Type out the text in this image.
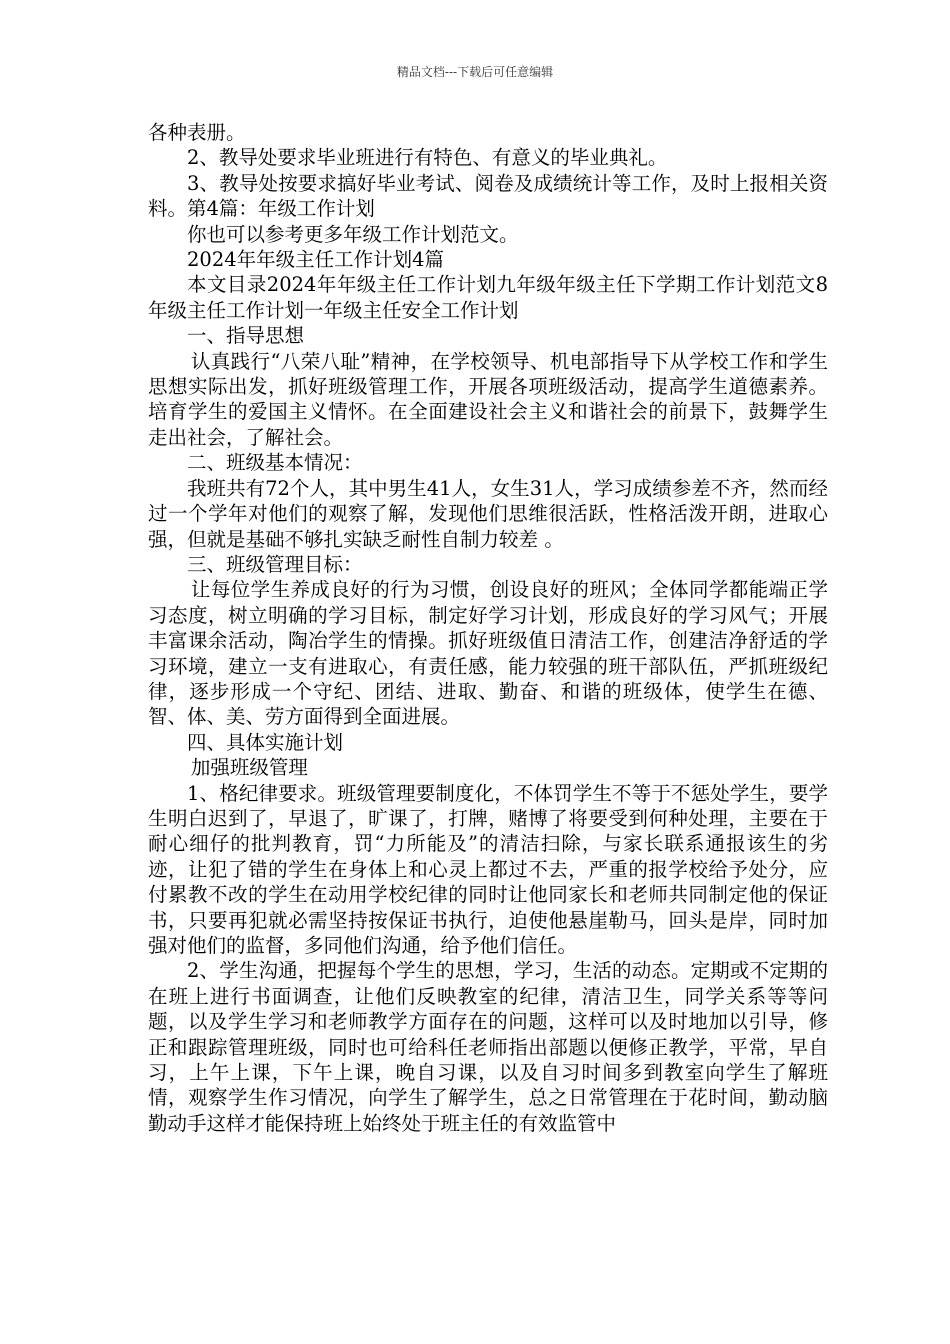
精品文档---下载后可任意编辑

各种表册。

2、教导处要求毕业班进行有特色、有意义的毕业典礼。

3、教导处按要求搞好毕业考试、阅卷及成绩统计等工作，及时上报相关资料。第4篇：年级工作计划

你也可以参考更多年级工作计划范文。

2024年年级主任工作计划4篇

本文目录2024年年级主任工作计划九年级年级主任下学期工作计划范文8年级主任工作计划一年级主任安全工作计划

一、指导思想

认真践行“八荣八耻”精神，在学校领导、机电部指导下从学校工作和学生思想实际出发，抓好班级管理工作，开展各项班级活动，提高学生道德素养。 培育学生的爱国主义情怀。在全面建设社会主义和谐社会的前景下，鼓舞学生走出社会，了解社会。

二、班级基本情况：

我班共有72个人，其中男生41人，女生31人，学习成绩参差不齐，然而经过一个学年对他们的观察了解，发现他们思维很活跃，性格活泼开朗，进取心强，但就是基础不够扎实缺乏耐性自制力较差 。

三、班级管理目标：

让每位学生养成良好的行为习惯，创设良好的班风；全体同学都能端正学习态度，树立明确的学习目标，制定好学习计划，形成良好的学习风气；开展丰富课余活动，陶冶学生的情操。抓好班级值日清洁工作，创建洁净舒适的学习环境，建立一支有进取心，有责任感，能力较强的班干部队伍，严抓班级纪律，逐步形成一个守纪、团结、进取、勤奋、和谐的班级体，使学生在德、智、体、美、劳方面得到全面进展。

四、具体实施计划

加强班级管理

1、格纪律要求。班级管理要制度化，不体罚学生不等于不惩处学生，要学生明白迟到了，早退了，旷课了，打牌，赌博了将要受到何种处理，主要在于耐心细仔的批判教育，罚“力所能及”的清洁扫除，与家长联系通报该生的劣迹，让犯了错的学生在身体上和心灵上都过不去，严重的报学校给予处分，应付累教不改的学生在动用学校纪律的同时让他同家长和老师共同制定他的保证书，只要再犯就必需坚持按保证书执行，迫使他悬崖勒马，回头是岸，同时加强对他们的监督，多同他们沟通，给予他们信任。

2、学生沟通，把握每个学生的思想，学习，生活的动态。定期或不定期的在班上进行书面调查，让他们反映教室的纪律，清洁卫生，同学关系等等问题，以及学生学习和老师教学方面存在的问题，这样可以及时地加以引导，修正和跟踪管理班级，同时也可给科任老师指出部题以便修正教学，平常，早自习，上午上课，下午上课，晚自习课，以及自习时间多到教室向学生了解班情，观察学生作习情况，向学生了解学生，总之日常管理在于花时间，勤动脑勤动手这样才能保持班上始终处于班主任的有效监管中
